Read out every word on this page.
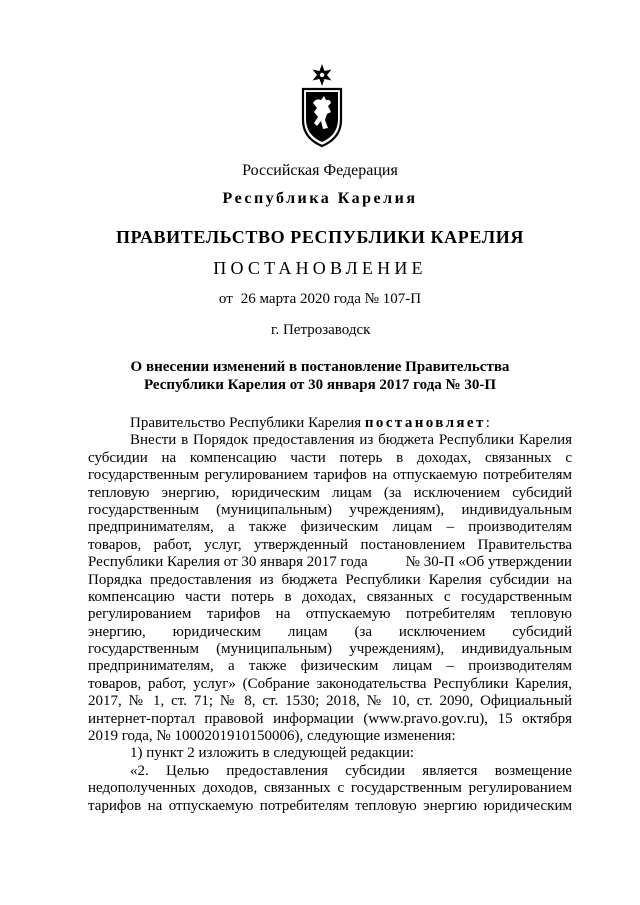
Российская Федерация
Республика Карелия
ПРАВИТЕЛЬСТВО РЕСПУБЛИКИ КАРЕЛИЯ
ПОСТАНОВЛЕНИЕ
от 26 марта 2020 года № 107-П
г. Петрозаводск
О внесении изменений в постановление Правительства
Республики Карелия от 30 января 2017 года № 30-П
Правительство Республики Карелия постановляет:
Внести в Порядок предоставления из бюджета Республики Карелия
субсидии на компенсацию части потерь в доходах, связанных с
государственным регулированием тарифов на отпускаемую потребителям
тепловую энергию, юридическим лицам (за исключением субсидий
государственным (муниципальным) учреждениям), индивидуальным
предпринимателям, а также физическим лицам – производителям
товаров, работ, услуг, утвержденный постановлением Правительства
Республики Карелия от 30 января 2017 года	№ 30-П «Об утверждении
Порядка предоставления из бюджета Республики Карелия субсидии на
компенсацию части потерь в доходах, связанных с государственным
регулированием тарифов на отпускаемую потребителям тепловую
энергию, юридическим лицам (за исключением субсидий
государственным (муниципальным) учреждениям), индивидуальным
предпринимателям, а также физическим лицам – производителям
товаров, работ, услуг» (Собрание законодательства Республики Карелия,
2017, № 1, ст. 71; № 8, ст. 1530; 2018, № 10, ст. 2090, Официальный
интернет-портал правовой информации (www.pravo.gov.ru), 15 октября
2019 года, № 1000201910150006), следующие изменения:
1) пункт 2 изложить в следующей редакции:
«2. Целью предоставления субсидии является возмещение
недополученных доходов, связанных с государственным регулированием
тарифов на отпускаемую потребителям тепловую энергию юридическим
